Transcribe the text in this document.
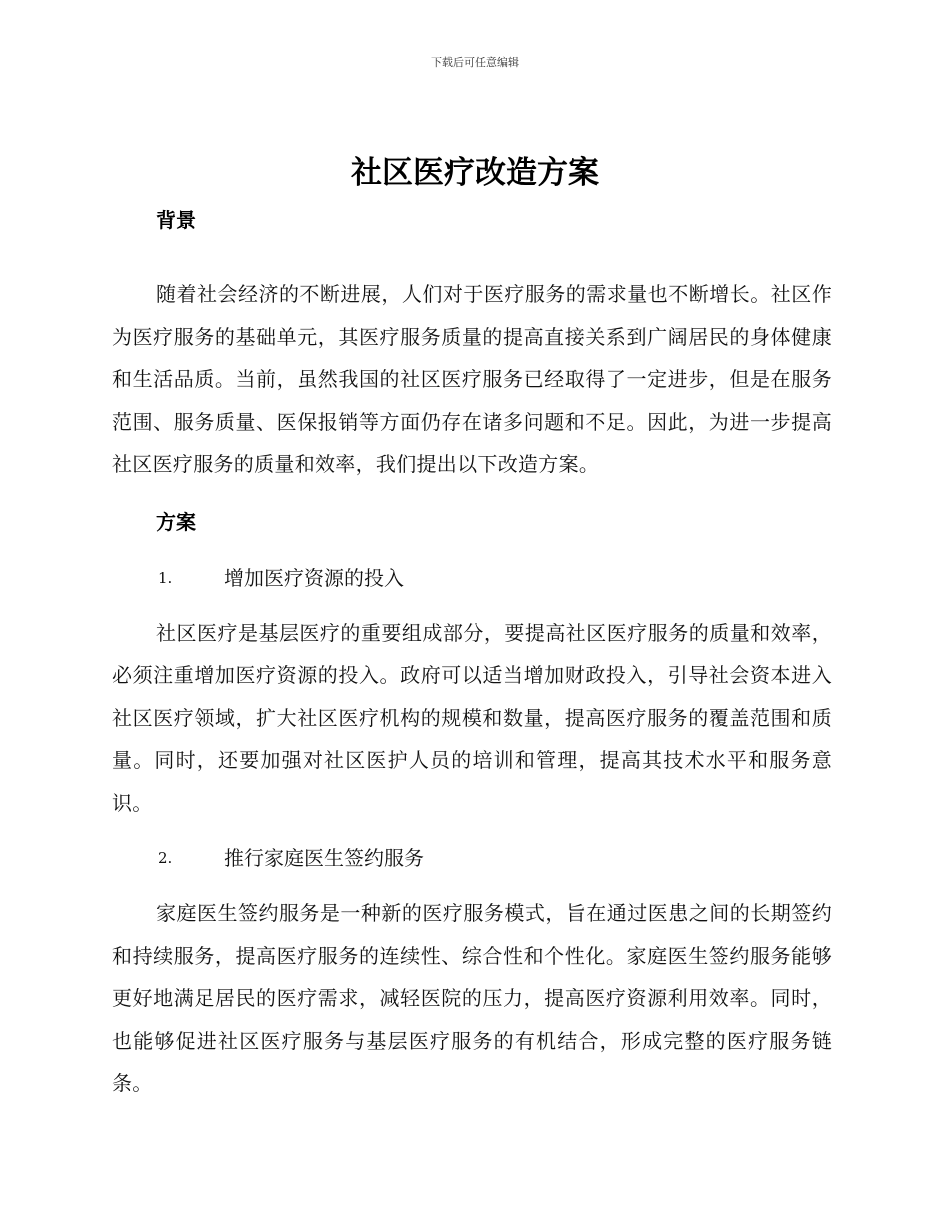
下载后可任意编辑
社区医疗改造方案
背景

随着社会经济的不断进展，人们对于医疗服务的需求量也不断增长。社区作为医疗服务的基础单元，其医疗服务质量的提高直接关系到广阔居民的身体健康和生活品质。当前，虽然我国的社区医疗服务已经取得了一定进步，但是在服务范围、服务质量、医保报销等方面仍存在诸多问题和不足。因此，为进一步提高社区医疗服务的质量和效率，我们提出以下改造方案。

方案
1.	增加医疗资源的投入

社区医疗是基层医疗的重要组成部分，要提高社区医疗服务的质量和效率，必须注重增加医疗资源的投入。政府可以适当增加财政投入，引导社会资本进入社区医疗领域，扩大社区医疗机构的规模和数量，提高医疗服务的覆盖范围和质量。同时，还要加强对社区医护人员的培训和管理，提高其技术水平和服务意识。

2.	推行家庭医生签约服务

家庭医生签约服务是一种新的医疗服务模式，旨在通过医患之间的长期签约和持续服务，提高医疗服务的连续性、综合性和个性化。家庭医生签约服务能够更好地满足居民的医疗需求，减轻医院的压力，提高医疗资源利用效率。同时，也能够促进社区医疗服务与基层医疗服务的有机结合，形成完整的医疗服务链条。
